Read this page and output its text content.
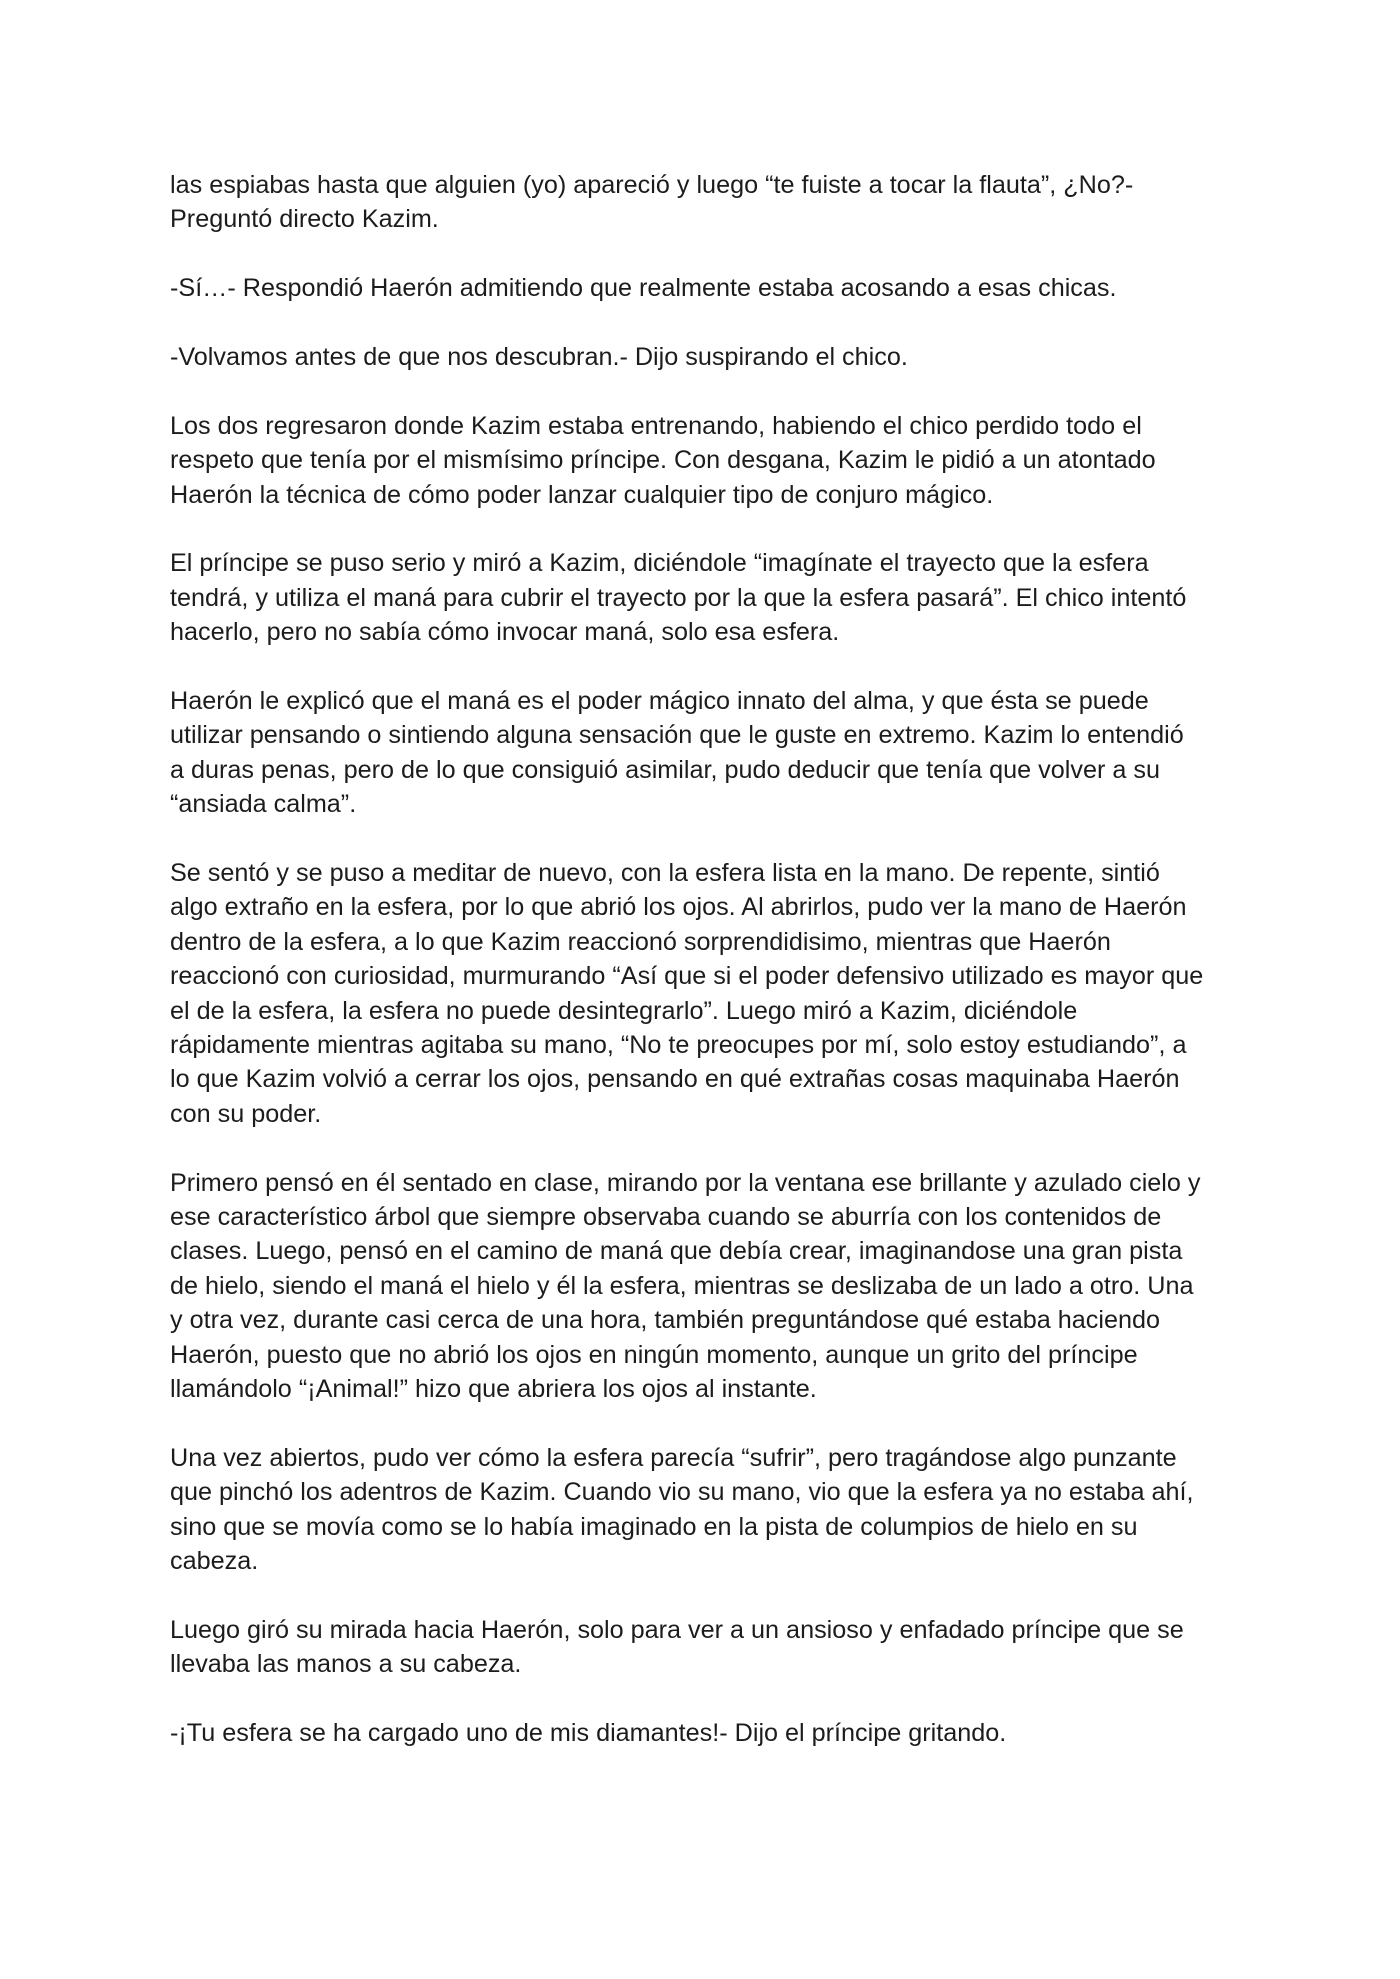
las espiabas hasta que alguien (yo) apareció y luego “te fuiste a tocar la flauta”, ¿No?-
Preguntó directo Kazim.

-Sí…- Respondió Haerón admitiendo que realmente estaba acosando a esas chicas.

-Volvamos antes de que nos descubran.- Dijo suspirando el chico.

Los dos regresaron donde Kazim estaba entrenando, habiendo el chico perdido todo el
respeto que tenía por el mismísimo príncipe. Con desgana, Kazim le pidió a un atontado
Haerón la técnica de cómo poder lanzar cualquier tipo de conjuro mágico.

El príncipe se puso serio y miró a Kazim, diciéndole “imagínate el trayecto que la esfera
tendrá, y utiliza el maná para cubrir el trayecto por la que la esfera pasará”. El chico intentó
hacerlo, pero no sabía cómo invocar maná, solo esa esfera.

Haerón le explicó que el maná es el poder mágico innato del alma, y que ésta se puede
utilizar pensando o sintiendo alguna sensación que le guste en extremo. Kazim lo entendió
a duras penas, pero de lo que consiguió asimilar, pudo deducir que tenía que volver a su
“ansiada calma”.

Se sentó y se puso a meditar de nuevo, con la esfera lista en la mano. De repente, sintió
algo extraño en la esfera, por lo que abrió los ojos. Al abrirlos, pudo ver la mano de Haerón
dentro de la esfera, a lo que Kazim reaccionó sorprendidisimo, mientras que Haerón
reaccionó con curiosidad, murmurando “Así que si el poder defensivo utilizado es mayor que
el de la esfera, la esfera no puede desintegrarlo”. Luego miró a Kazim, diciéndole
rápidamente mientras agitaba su mano, “No te preocupes por mí, solo estoy estudiando”, a
lo que Kazim volvió a cerrar los ojos, pensando en qué extrañas cosas maquinaba Haerón
con su poder.

Primero pensó en él sentado en clase, mirando por la ventana ese brillante y azulado cielo y
ese característico árbol que siempre observaba cuando se aburría con los contenidos de
clases. Luego, pensó en el camino de maná que debía crear, imaginandose una gran pista
de hielo, siendo el maná el hielo y él la esfera, mientras se deslizaba de un lado a otro. Una
y otra vez, durante casi cerca de una hora, también preguntándose qué estaba haciendo
Haerón, puesto que no abrió los ojos en ningún momento, aunque un grito del príncipe
llamándolo “¡Animal!” hizo que abriera los ojos al instante.

Una vez abiertos, pudo ver cómo la esfera parecía “sufrir”, pero tragándose algo punzante
que pinchó los adentros de Kazim. Cuando vio su mano, vio que la esfera ya no estaba ahí,
sino que se movía como se lo había imaginado en la pista de columpios de hielo en su
cabeza.

Luego giró su mirada hacia Haerón, solo para ver a un ansioso y enfadado príncipe que se
llevaba las manos a su cabeza.

-¡Tu esfera se ha cargado uno de mis diamantes!- Dijo el príncipe gritando.
